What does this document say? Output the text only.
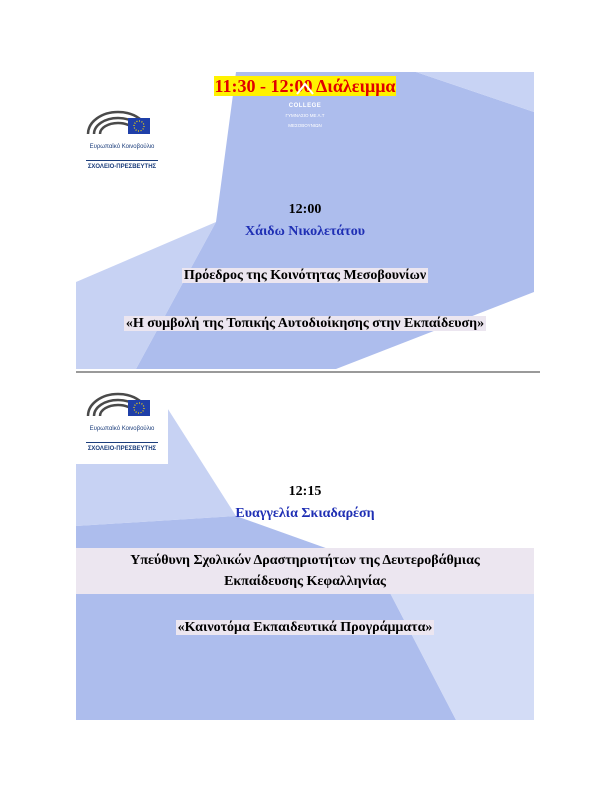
11:30 - 12:00 Διάλειμμα
COLLEGE
ΓΥΜΝΑΣΙΟ ΜΕ Λ.Τ
ΜΕΣΟΒΟΥΝΙΩΝ
Ευρωπαϊκό Κοινοβούλιο
ΣΧΟΛΕΙΟ-ΠΡΕΣΒΕΥΤΗΣ
12:00
Χάιδω Νικολετάτου
Πρόεδρος της Κοινότητας Μεσοβουνίων
«Η συμβολή της Τοπικής Αυτοδιοίκησης στην Εκπαίδευση»
Ευρωπαϊκό Κοινοβούλιο
ΣΧΟΛΕΙΟ-ΠΡΕΣΒΕΥΤΗΣ
12:15
Ευαγγελία Σκιαδαρέση
Υπεύθυνη Σχολικών Δραστηριοτήτων της Δευτεροβάθμιας
Εκπαίδευσης Κεφαλληνίας
«Καινοτόμα Εκπαιδευτικά Προγράμματα»
